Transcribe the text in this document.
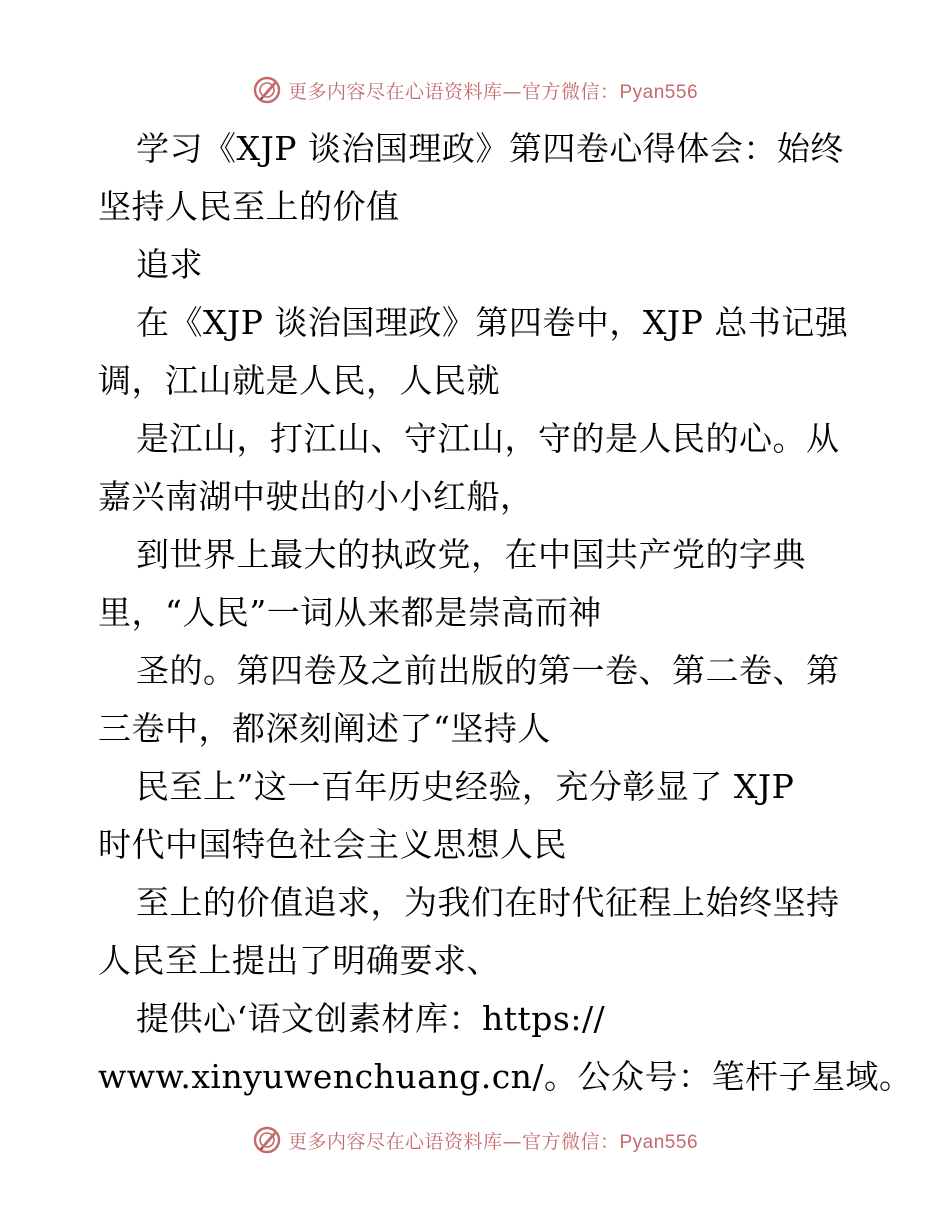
更多内容尽在心语资料库—官方微信：Pyan556
学习《XJP 谈治国理政》第四卷心得体会：始终
坚持人民至上的价值
追求
在《XJP 谈治国理政》第四卷中，XJP 总书记强
调，江山就是人民，人民就
是江山，打江山、守江山，守的是人民的心。从
嘉兴南湖中驶出的小小红船，
到世界上最大的执政党，在中国共产党的字典
里，“人民”一词从来都是崇高而神
圣的。第四卷及之前出版的第一卷、第二卷、第
三卷中，都深刻阐述了“坚持人
民至上”这一百年历史经验，充分彰显了 XJP
时代中国特色社会主义思想人民
至上的价值追求，为我们在时代征程上始终坚持
人民至上提出了明确要求、
提供心‘语文创素材库：https://
www.xinyuwenchuang.cn/。公众号：笔杆子星域。
更多内容尽在心语资料库—官方微信：Pyan556
